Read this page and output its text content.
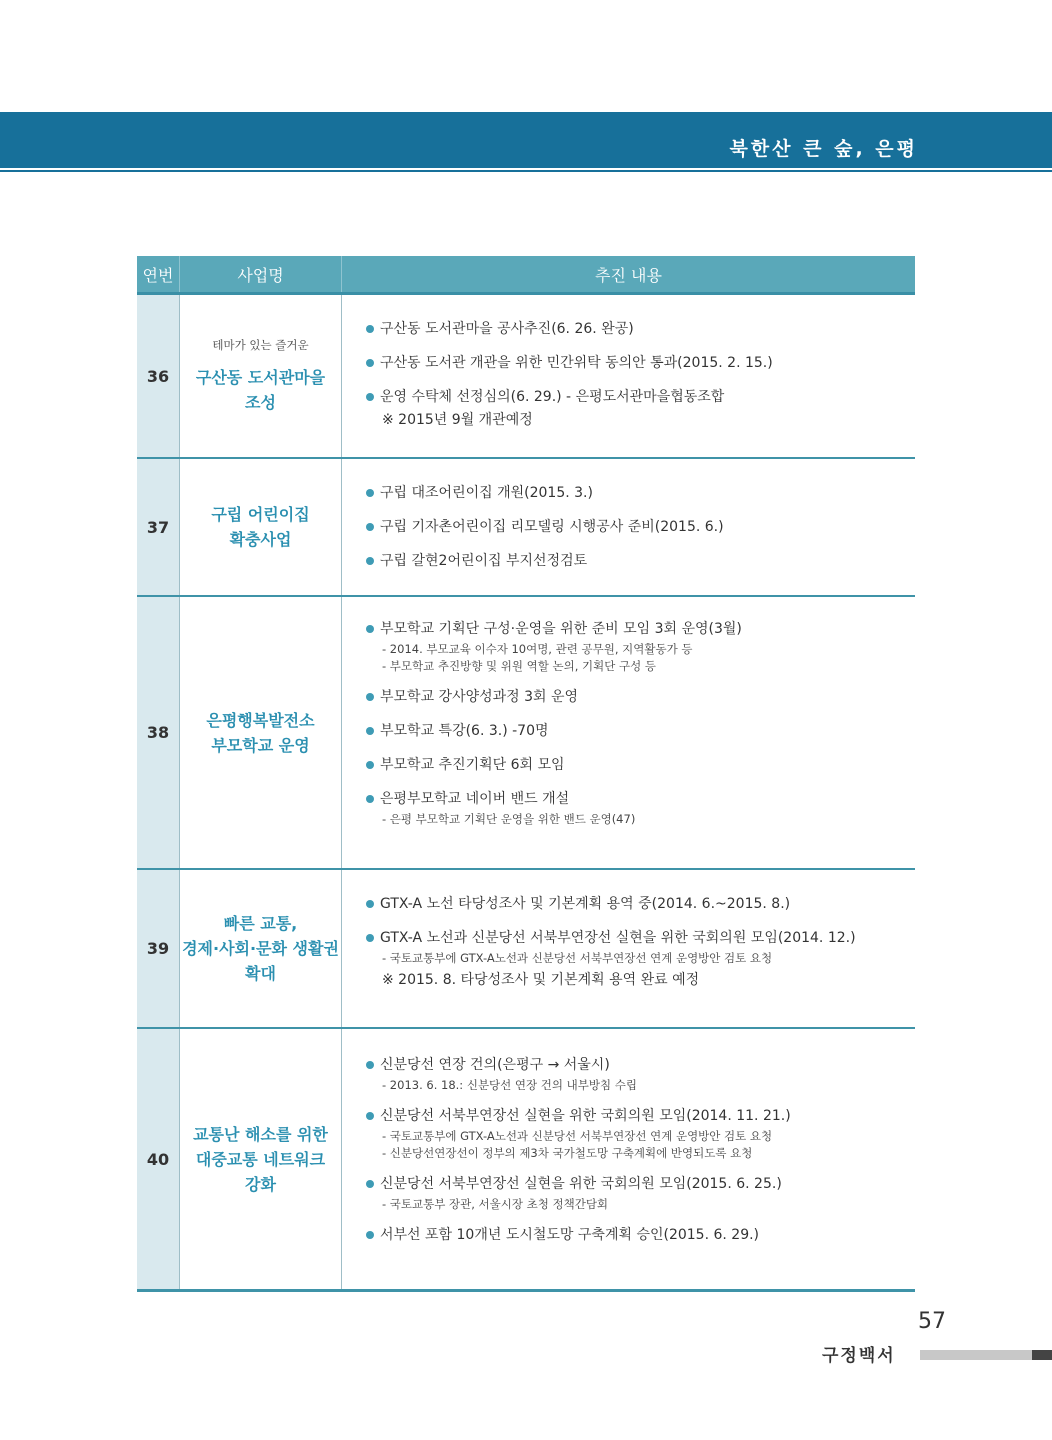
북한산 큰 숲, 은평
연번	사업명	추진 내용
36
테마가 있는 즐거운
구산동 도서관마을
조성
구산동 도서관마을 공사추진(6. 26. 완공)
구산동 도서관 개관을 위한 민간위탁 동의안 통과(2015. 2. 15.)
운영 수탁체 선정심의(6. 29.) - 은평도서관마을협동조합
※ 2015년 9월 개관예정
37
구립 어린이집
확충사업
구립 대조어린이집 개원(2015. 3.)
구립 기자촌어린이집 리모델링 시행공사 준비(2015. 6.)
구립 갈현2어린이집 부지선정검토
38
은평행복발전소
부모학교 운영
부모학교 기획단 구성·운영을 위한 준비 모임 3회 운영(3월)
- 2014. 부모교육 이수자 10여명, 관련 공무원, 지역활동가 등
- 부모학교 추진방향 및 위원 역할 논의, 기획단 구성 등
부모학교 강사양성과정 3회 운영
부모학교 특강(6. 3.) -70명
부모학교 추진기획단 6회 모임
은평부모학교 네이버 밴드 개설
- 은평 부모학교 기획단 운영을 위한 밴드 운영(47)
39
빠른 교통,
경제·사회·문화 생활권
확대
GTX-A 노선 타당성조사 및 기본계획 용역 중(2014. 6.~2015. 8.)
GTX-A 노선과 신분당선 서북부연장선 실현을 위한 국회의원 모임(2014. 12.)
- 국토교통부에 GTX-A노선과 신분당선 서북부연장선 연계 운영방안 검토 요청
※ 2015. 8. 타당성조사 및 기본계획 용역 완료 예정
40
교통난 해소를 위한
대중교통 네트워크
강화
신분당선 연장 건의(은평구 → 서울시)
- 2013. 6. 18.: 신분당선 연장 건의 내부방침 수립
신분당선 서북부연장선 실현을 위한 국회의원 모임(2014. 11. 21.)
- 국토교통부에 GTX-A노선과 신분당선 서북부연장선 연계 운영방안 검토 요청
- 신분당선연장선이 정부의 제3차 국가철도망 구축계획에 반영되도록 요청
신분당선 서북부연장선 실현을 위한 국회의원 모임(2015. 6. 25.)
- 국토교통부 장관, 서울시장 초청 정책간담회
서부선 포함 10개년 도시철도망 구축계획 승인(2015. 6. 29.)
57
구정백서
